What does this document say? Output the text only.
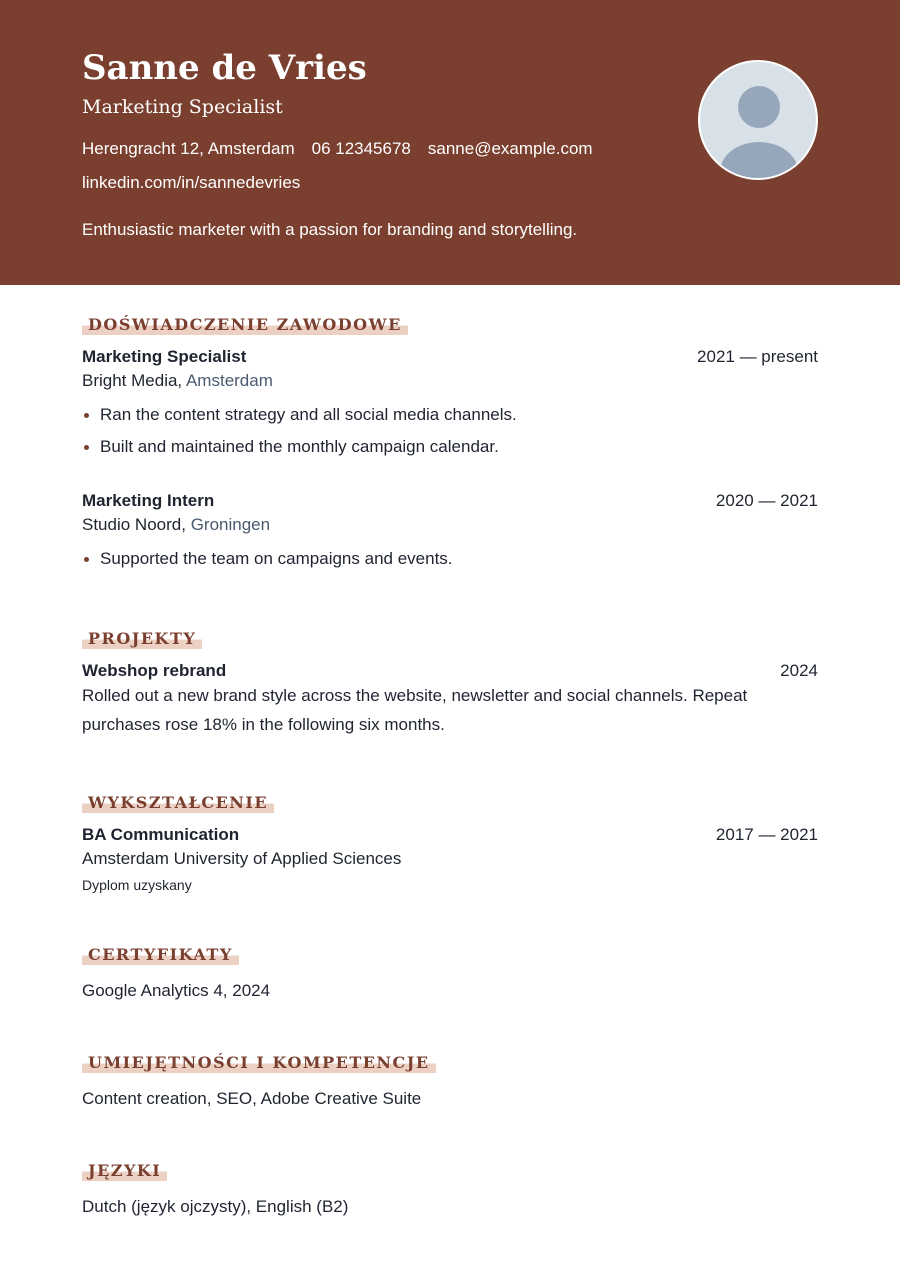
Sanne de Vries
Marketing Specialist
Herengracht 12, Amsterdam 06 12345678 sanne@example.com
linkedin.com/in/sannedevries
Enthusiastic marketer with a passion for branding and storytelling.
DOŚWIADCZENIE ZAWODOWE
Marketing Specialist	2021 — present
Bright Media, Amsterdam
Ran the content strategy and all social media channels.
Built and maintained the monthly campaign calendar.
Marketing Intern	2020 — 2021
Studio Noord, Groningen
Supported the team on campaigns and events.
PROJEKTY
Webshop rebrand	2024
Rolled out a new brand style across the website, newsletter and social channels. Repeat purchases rose 18% in the following six months.
WYKSZTAŁCENIE
BA Communication	2017 — 2021
Amsterdam University of Applied Sciences
Dyplom uzyskany
CERTYFIKATY
Google Analytics 4, 2024
UMIEJĘTNOŚCI I KOMPETENCJE
Content creation, SEO, Adobe Creative Suite
JĘZYKI
Dutch (język ojczysty), English (B2)
